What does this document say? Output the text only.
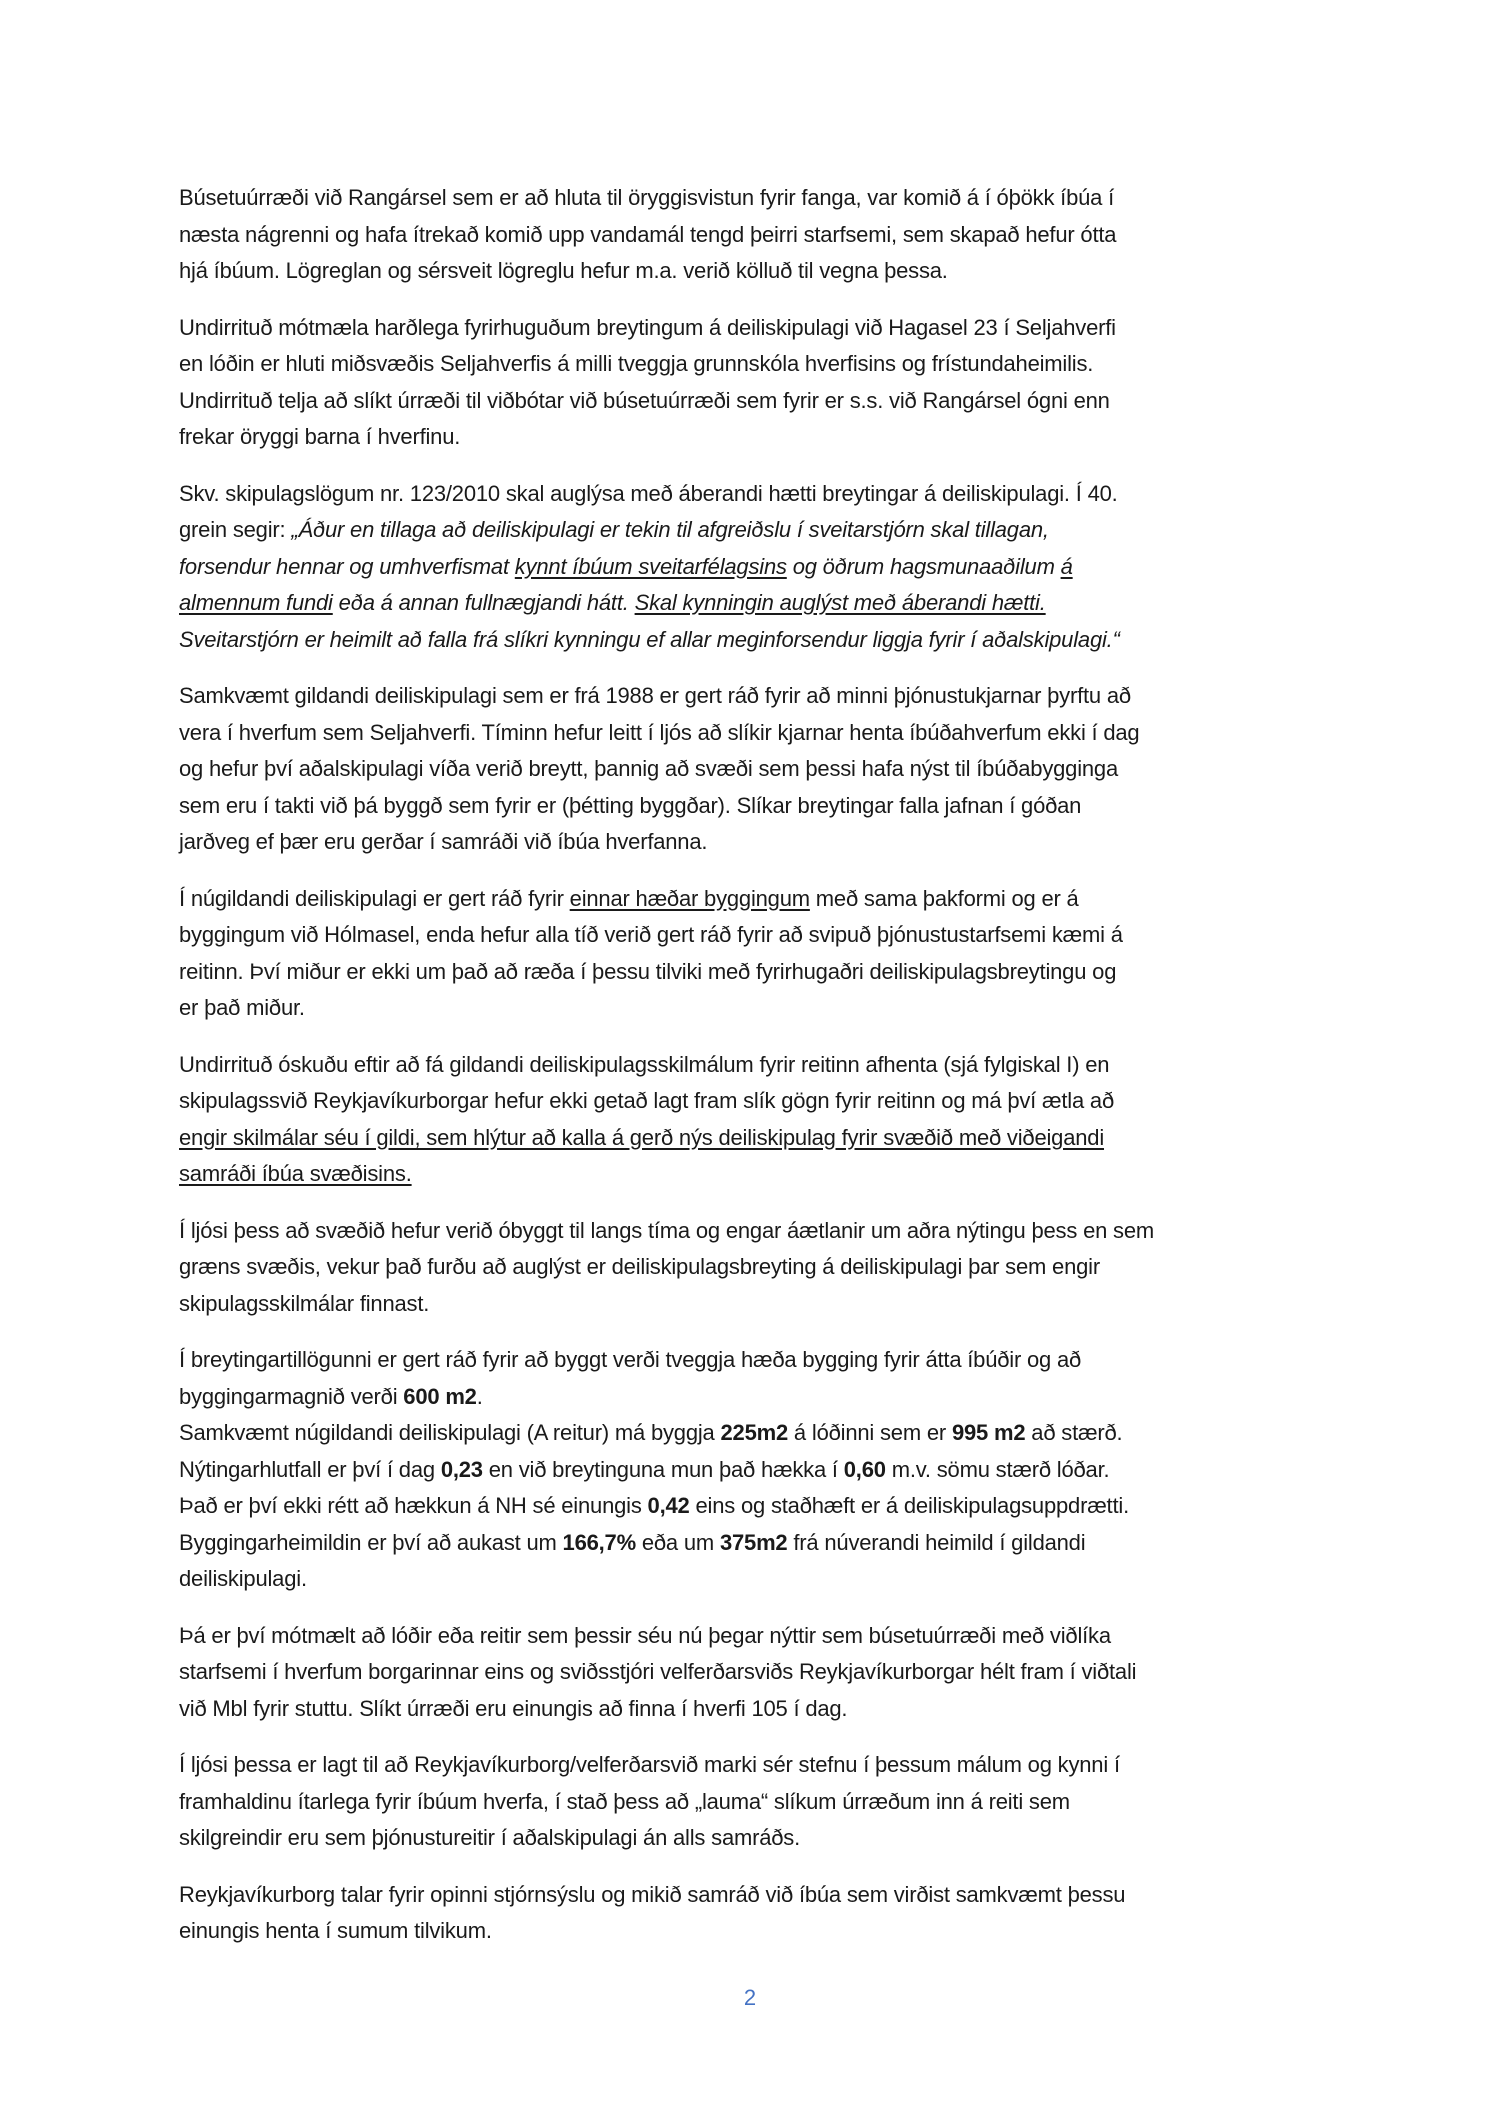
Búsetuúrræði við Rangársel sem er að hluta til öryggisvistun fyrir fanga, var komið á í óþökk íbúa í
næsta nágrenni og hafa ítrekað komið upp vandamál tengd þeirri starfsemi, sem skapað hefur ótta
hjá íbúum. Lögreglan og sérsveit lögreglu hefur m.a. verið kölluð til vegna þessa.
Undirrituð mótmæla harðlega fyrirhuguðum breytingum á deiliskipulagi við Hagasel 23 í Seljahverfi
en lóðin er hluti miðsvæðis Seljahverfis á milli tveggja grunnskóla hverfisins og frístundaheimilis.
Undirrituð telja að slíkt úrræði til viðbótar við búsetuúrræði sem fyrir er s.s. við Rangársel ógni enn
frekar öryggi barna í hverfinu.
Skv. skipulagslögum nr. 123/2010 skal auglýsa með áberandi hætti breytingar á deiliskipulagi. Í 40.
grein segir: „Áður en tillaga að deiliskipulagi er tekin til afgreiðslu í sveitarstjórn skal tillagan,
forsendur hennar og umhverfismat kynnt íbúum sveitarfélagsins og öðrum hagsmunaaðilum á
almennum fundi eða á annan fullnægjandi hátt. Skal kynningin auglýst með áberandi hætti.
Sveitarstjórn er heimilt að falla frá slíkri kynningu ef allar meginforsendur liggja fyrir í aðalskipulagi.“
Samkvæmt gildandi deiliskipulagi sem er frá 1988 er gert ráð fyrir að minni þjónustukjarnar þyrftu að
vera í hverfum sem Seljahverfi. Tíminn hefur leitt í ljós að slíkir kjarnar henta íbúðahverfum ekki í dag
og hefur því aðalskipulagi víða verið breytt, þannig að svæði sem þessi hafa nýst til íbúðabygginga
sem eru í takti við þá byggð sem fyrir er (þétting byggðar). Slíkar breytingar falla jafnan í góðan
jarðveg ef þær eru gerðar í samráði við íbúa hverfanna.
Í núgildandi deiliskipulagi er gert ráð fyrir einnar hæðar byggingum með sama þakformi og er á
byggingum við Hólmasel, enda hefur alla tíð verið gert ráð fyrir að svipuð þjónustustarfsemi kæmi á
reitinn. Því miður er ekki um það að ræða í þessu tilviki með fyrirhugaðri deiliskipulagsbreytingu og
er það miður.
Undirrituð óskuðu eftir að fá gildandi deiliskipulagsskilmálum fyrir reitinn afhenta (sjá fylgiskal I) en
skipulagssvið Reykjavíkurborgar hefur ekki getað lagt fram slík gögn fyrir reitinn og má því ætla að
engir skilmálar séu í gildi, sem hlýtur að kalla á gerð nýs deiliskipulag fyrir svæðið með viðeigandi
samráði íbúa svæðisins.
Í ljósi þess að svæðið hefur verið óbyggt til langs tíma og engar áætlanir um aðra nýtingu þess en sem
græns svæðis, vekur það furðu að auglýst er deiliskipulagsbreyting á deiliskipulagi þar sem engir
skipulagsskilmálar finnast.
Í breytingartillögunni er gert ráð fyrir að byggt verði tveggja hæða bygging fyrir átta íbúðir og að
byggingarmagnið verði 600 m2.
Samkvæmt núgildandi deiliskipulagi (A reitur) má byggja 225m2 á lóðinni sem er 995 m2 að stærð.
Nýtingarhlutfall er því í dag 0,23 en við breytinguna mun það hækka í 0,60 m.v. sömu stærð lóðar.
Það er því ekki rétt að hækkun á NH sé einungis 0,42 eins og staðhæft er á deiliskipulagsuppdrætti.
Byggingarheimildin er því að aukast um 166,7% eða um 375m2 frá núverandi heimild í gildandi
deiliskipulagi.
Þá er því mótmælt að lóðir eða reitir sem þessir séu nú þegar nýttir sem búsetuúrræði með viðlíka
starfsemi í hverfum borgarinnar eins og sviðsstjóri velferðarsviðs Reykjavíkurborgar hélt fram í viðtali
við Mbl fyrir stuttu. Slíkt úrræði eru einungis að finna í hverfi 105 í dag.
Í ljósi þessa er lagt til að Reykjavíkurborg/velferðarsvið marki sér stefnu í þessum málum og kynni í
framhaldinu ítarlega fyrir íbúum hverfa, í stað þess að „lauma“ slíkum úrræðum inn á reiti sem
skilgreindir eru sem þjónustureitir í aðalskipulagi án alls samráðs.
Reykjavíkurborg talar fyrir opinni stjórnsýslu og mikið samráð við íbúa sem virðist samkvæmt þessu
einungis henta í sumum tilvikum.
2
